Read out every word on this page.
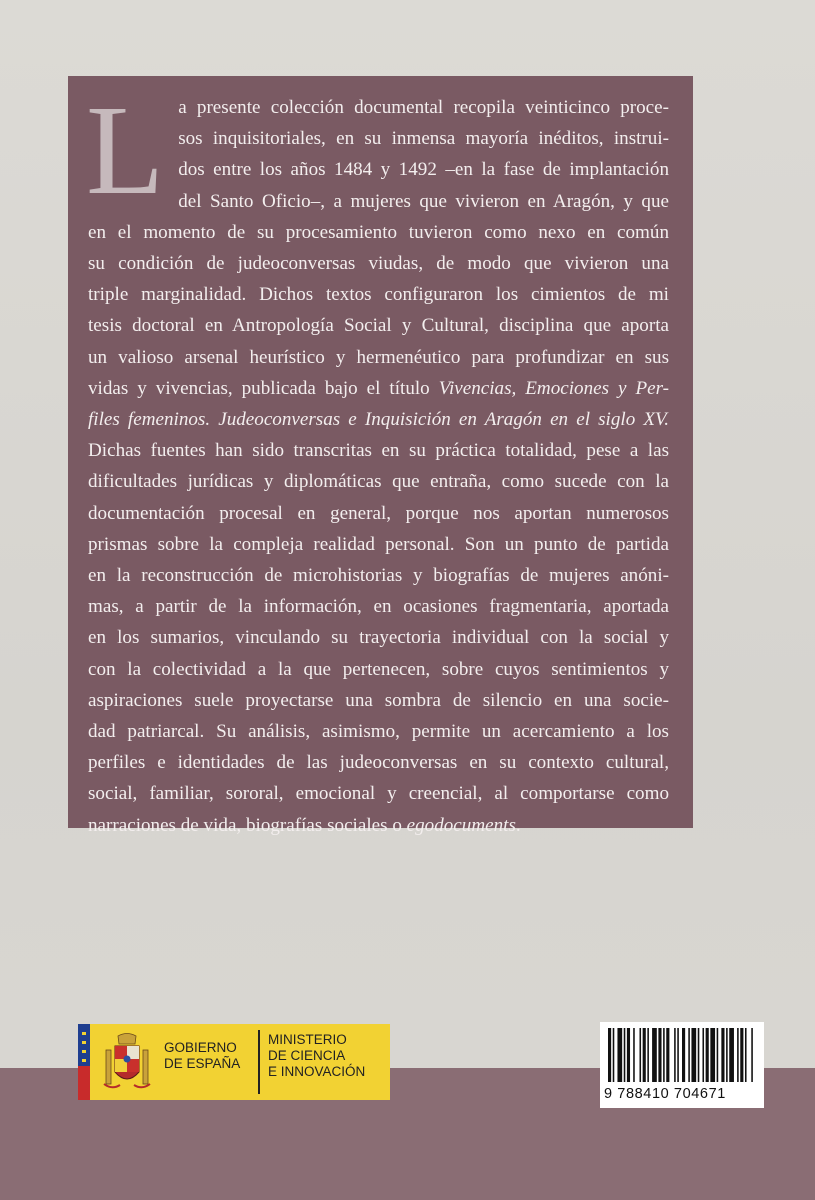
L a presente colección documental recopila veinticinco proce-
sos inquisitoriales, en su inmensa mayoría inéditos, instrui-
dos entre los años 1484 y 1492 –en la fase de implantación
del Santo Oficio–, a mujeres que vivieron en Aragón, y que
en el momento de su procesamiento tuvieron como nexo en común
su condición de judeoconversas viudas, de modo que vivieron una
triple marginalidad. Dichos textos configuraron los cimientos de mi
tesis doctoral en Antropología Social y Cultural, disciplina que aporta
un valioso arsenal heurístico y hermenéutico para profundizar en sus
vidas y vivencias, publicada bajo el título Vivencias, Emociones y Per-
files femeninos. Judeoconversas e Inquisición en Aragón en el siglo XV.
Dichas fuentes han sido transcritas en su práctica totalidad, pese a las
dificultades jurídicas y diplomáticas que entraña, como sucede con la
documentación procesal en general, porque nos aportan numerosos
prismas sobre la compleja realidad personal. Son un punto de partida
en la reconstrucción de microhistorias y biografías de mujeres anóni-
mas, a partir de la información, en ocasiones fragmentaria, aportada
en los sumarios, vinculando su trayectoria individual con la social y
con la colectividad a la que pertenecen, sobre cuyos sentimientos y
aspiraciones suele proyectarse una sombra de silencio en una socie-
dad patriarcal. Su análisis, asimismo, permite un acercamiento a los
perfiles e identidades de las judeoconversas en su contexto cultural,
social, familiar, sororal, emocional y creencial, al comportarse como
narraciones de vida, biografías sociales o egodocuments.
GOBIERNO
DE ESPAÑA
MINISTERIO
DE CIENCIA
E INNOVACIÓN
9 788410 704671
